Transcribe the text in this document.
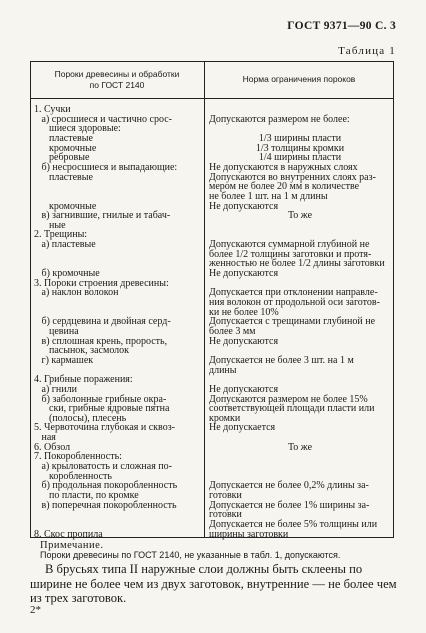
ГОСТ 9371—90 С. 3
Таблица 1
Пороки древесины и обработки
по ГОСТ 2140
Норма ограничения пороков
1. Сучки
а) сросшиеся и частично срос-	Допускаются размером не более:
шиеся здоровые:
пластевые	1/3 ширины пласти
кромочные	1/3 толщины кромки
ребровые	1/4 ширины пласти
б) несросшиеся и выпадающие:	Не допускаются в наружных слоях
пластевые	Допускаются во внутренних слоях раз-
мером не более 20 мм в количестве
не более 1 шт. на 1 м длины
кромочные	Не допускаются
в) загнившие, гнилые и табач-	То же
ные
2. Трещины:
а) пластевые	Допускаются суммарной глубиной не
более 1/2 толщины заготовки и протя-
женностью не более 1/2 длины заготовки
б) кромочные	Не допускаются
3. Пороки строения древесины:
а) наклон волокон	Допускается при отклонении направле-
ния волокон от продольной оси заготов-
ки не более 10%
б) сердцевина и двойная серд-	Допускается с трещинами глубиной не
цевина	более 3 мм
в) сплошная крень, прорость,	Не допускаются
пасынок, засмолок
г) кармашек	Допускается не более 3 шт. на 1 м
длины
4. Грибные поражения:
а) гнили	Не допускаются
б) заболонные грибные окра-	Допускаются размером не более 15%
ски, грибные ядровые пятна	соответствующей площади пласти или
(полосы), плесень	кромки
5. Червоточина глубокая и сквоз-	Не допускается
ная
6. Обзол	То же
7. Покоробленность:
а) крыловатость и сложная по-
коробленность
б) продольная покоробленность	Допускается не более 0,2% длины за-
по пласти, по кромке	готовки
в) поперечная покоробленность	Допускается не более 1% ширины за-
готовки
Допускается не более 5% толщины или
8. Скос пропила	ширины заготовки
Примечание.
Пороки древесины по ГОСТ 2140, не указанные в табл. 1, допускаются.
В брусьях типа II наружные слои должны быть склеены по ширине не более чем из двух заготовок, внутренние — не более чем из трех заготовок.
2*
